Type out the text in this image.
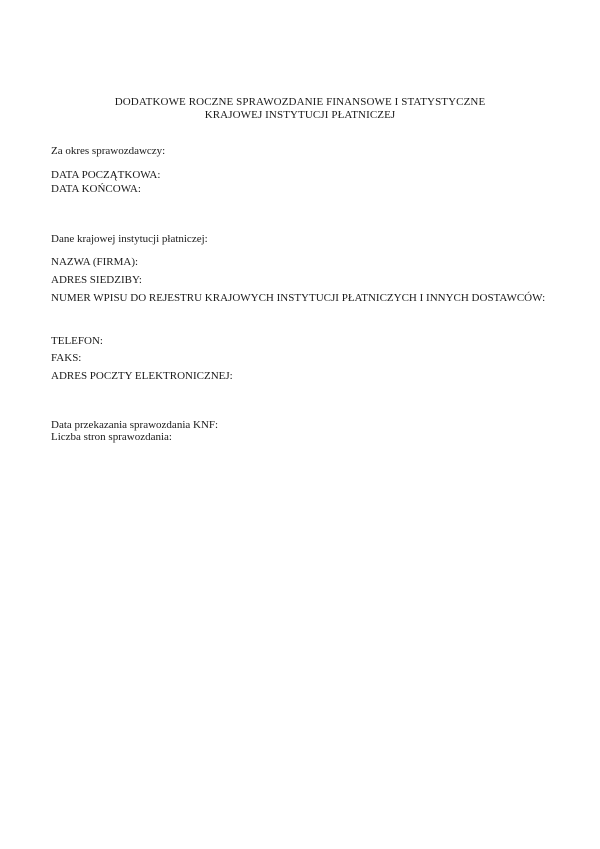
DODATKOWE ROCZNE SPRAWOZDANIE FINANSOWE I STATYSTYCZNE
KRAJOWEJ INSTYTUCJI PŁATNICZEJ
Za okres sprawozdawczy:
DATA POCZĄTKOWA:
DATA KOŃCOWA:
Dane krajowej instytucji płatniczej:
NAZWA (FIRMA):
ADRES SIEDZIBY:
NUMER WPISU DO REJESTRU KRAJOWYCH INSTYTUCJI PŁATNICZYCH I INNYCH DOSTAWCÓW:
TELEFON:
FAKS:
ADRES POCZTY ELEKTRONICZNEJ:
Data przekazania sprawozdania KNF:
Liczba stron sprawozdania:
